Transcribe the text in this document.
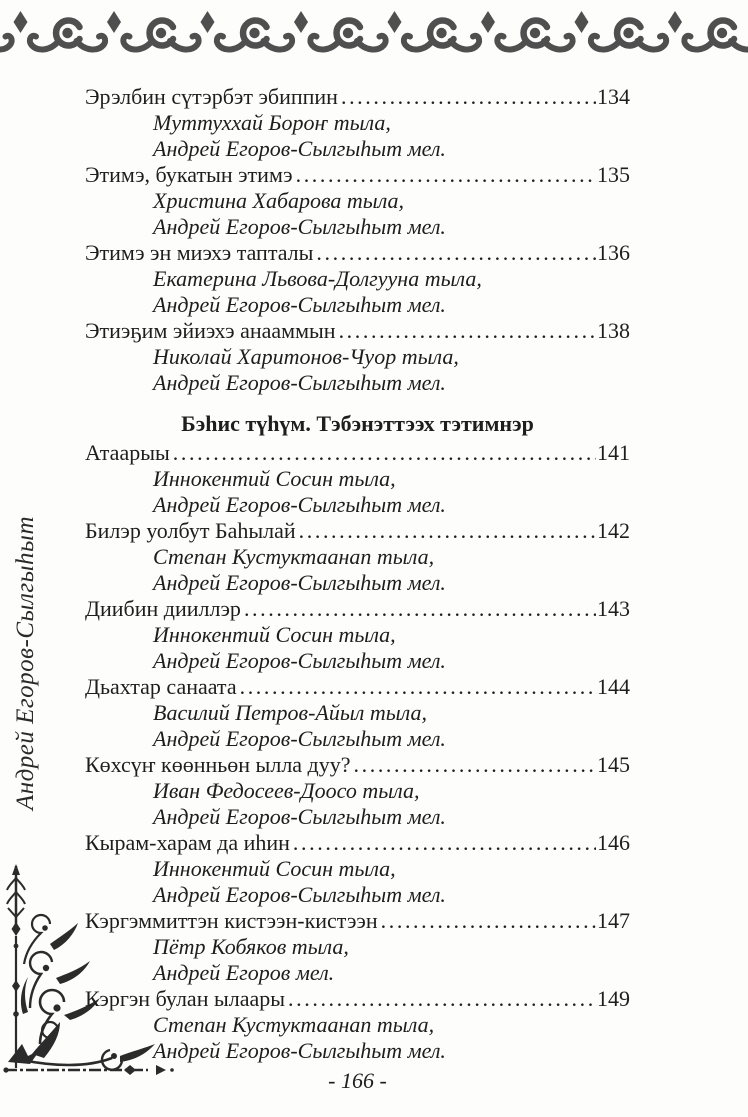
Андрей Егоров-Сылгыһыт
Эрэлбин сүтэрбэт эбиппин .....	134
Муттуххай Бороҥ тыла,
Андрей Егоров-Сылгыһыт мел.
Этимэ, букатын этимэ .....	135
Христина Хабарова тыла,
Андрей Егоров-Сылгыһыт мел.
Этимэ эн миэхэ тапталы .....	136
Екатерина Львова-Долгууна тыла,
Андрей Егоров-Сылгыһыт мел.
Этиэҕим эйиэхэ анааммын .....	138
Николай Харитонов-Чуор тыла,
Андрей Егоров-Сылгыһыт мел.
Бэһис түһүм. Тэбэнэттээх тэтимнэр
Атаарыы .....	141
Иннокентий Сосин тыла,
Андрей Егоров-Сылгыһыт мел.
Билэр уолбут Баһылай .....	142
Степан Кустуктаанап тыла,
Андрей Егоров-Сылгыһыт мел.
Диибин дииллэр .....	143
Иннокентий Сосин тыла,
Андрей Егоров-Сылгыһыт мел.
Дьахтар санаата .....	144
Василий Петров-Айыл тыла,
Андрей Егоров-Сылгыһыт мел.
Көхсүҥ көөнньөн ылла дуу? .....	145
Иван Федосеев-Доосо тыла,
Андрей Егоров-Сылгыһыт мел.
Кырам-харам да иһин .....	146
Иннокентий Сосин тыла,
Андрей Егоров-Сылгыһыт мел.
Кэргэммиттэн кистээн-кистээн .....	147
Пётр Кобяков тыла,
Андрей Егоров мел.
Кэргэн булан ылаары .....	149
Степан Кустуктаанап тыла,
Андрей Егоров-Сылгыһыт мел.
- 166 -
